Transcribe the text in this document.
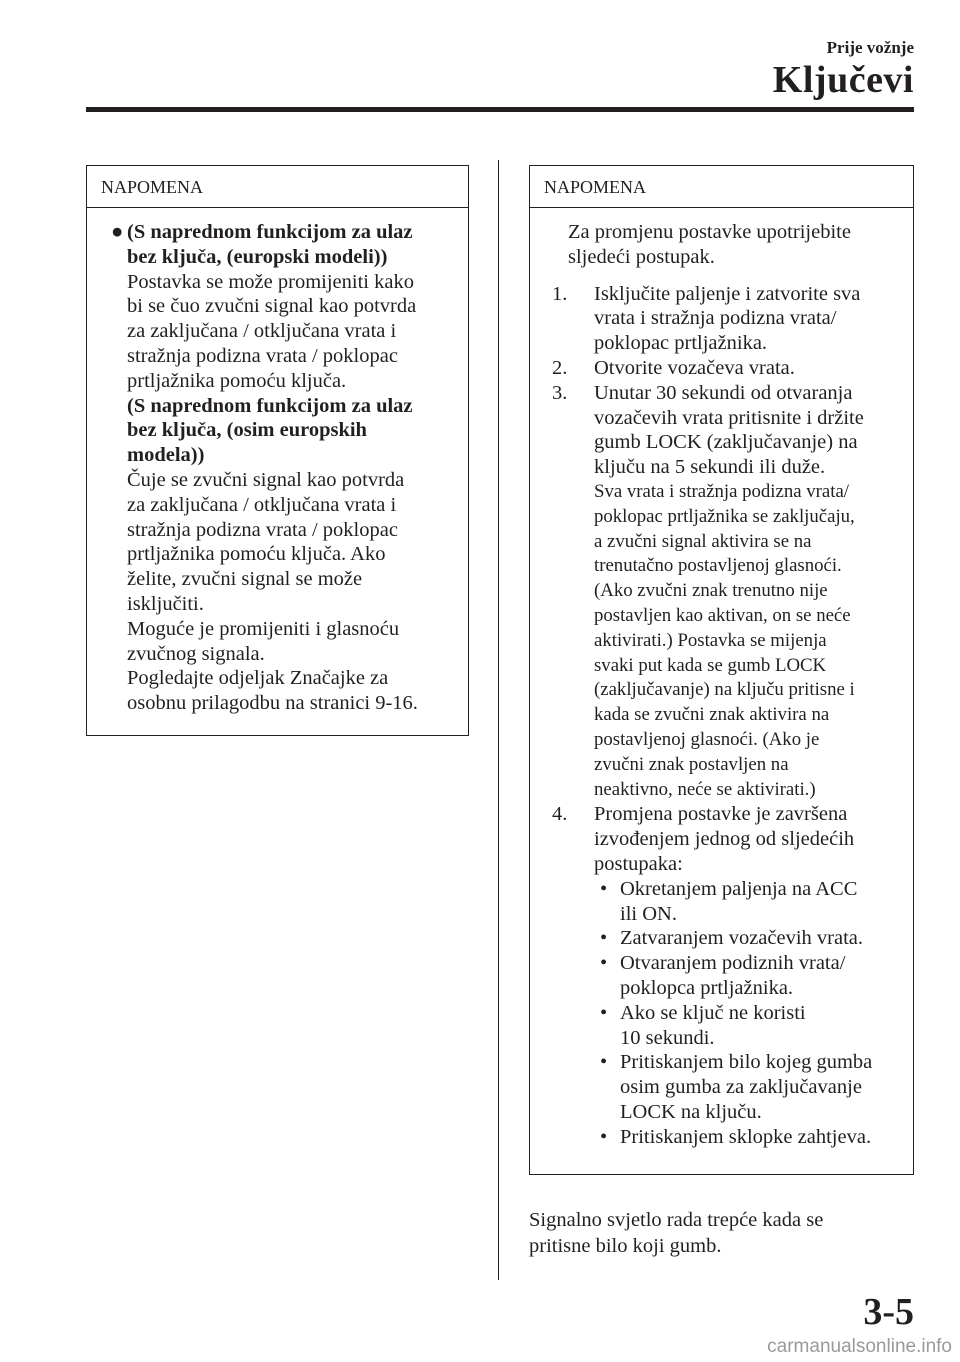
Prije vožnje
Ključevi
NAPOMENA
● (S naprednom funkcijom za ulaz
bez ključa, (europski modeli))
Postavka se može promijeniti kako
bi se čuo zvučni signal kao potvrda
za zaključana / otključana vrata i
stražnja podizna vrata / poklopac
prtljažnika pomoću ključa.
(S naprednom funkcijom za ulaz
bez ključa, (osim europskih
modela))
Čuje se zvučni signal kao potvrda
za zaključana / otključana vrata i
stražnja podizna vrata / poklopac
prtljažnika pomoću ključa. Ako
želite, zvučni signal se može
isključiti.
Moguće je promijeniti i glasnoću
zvučnog signala.
Pogledajte odjeljak Značajke za
osobnu prilagodbu na stranici 9-16.
NAPOMENA
Za promjenu postavke upotrijebite
sljedeći postupak.
1.	Isključite paljenje i zatvorite sva
vrata i stražnja podizna vrata/
poklopac prtljažnika.
2.	Otvorite vozačeva vrata.
3.	Unutar 30 sekundi od otvaranja
vozačevih vrata pritisnite i držite
gumb LOCK (zaključavanje) na
ključu na 5 sekundi ili duže.
Sva vrata i stražnja podizna vrata/
poklopac prtljažnika se zaključaju,
a zvučni signal aktivira se na
trenutačno postavljenoj glasnoći.
(Ako zvučni znak trenutno nije
postavljen kao aktivan, on se neće
aktivirati.) Postavka se mijenja
svaki put kada se gumb LOCK
(zaključavanje) na ključu pritisne i
kada se zvučni znak aktivira na
postavljenoj glasnoći. (Ako je
zvučni znak postavljen na
neaktivno, neće se aktivirati.)
4.	Promjena postavke je završena
izvođenjem jednog od sljedećih
postupaka:
• Okretanjem paljenja na ACC
ili ON.
• Zatvaranjem vozačevih vrata.
• Otvaranjem podiznih vrata/
poklopca prtljažnika.
• Ako se ključ ne koristi
10 sekundi.
• Pritiskanjem bilo kojeg gumba
osim gumba za zaključavanje
LOCK na ključu.
• Pritiskanjem sklopke zahtjeva.
Signalno svjetlo rada trepće kada se
pritisne bilo koji gumb.
3-5
carmanualsonline.info
